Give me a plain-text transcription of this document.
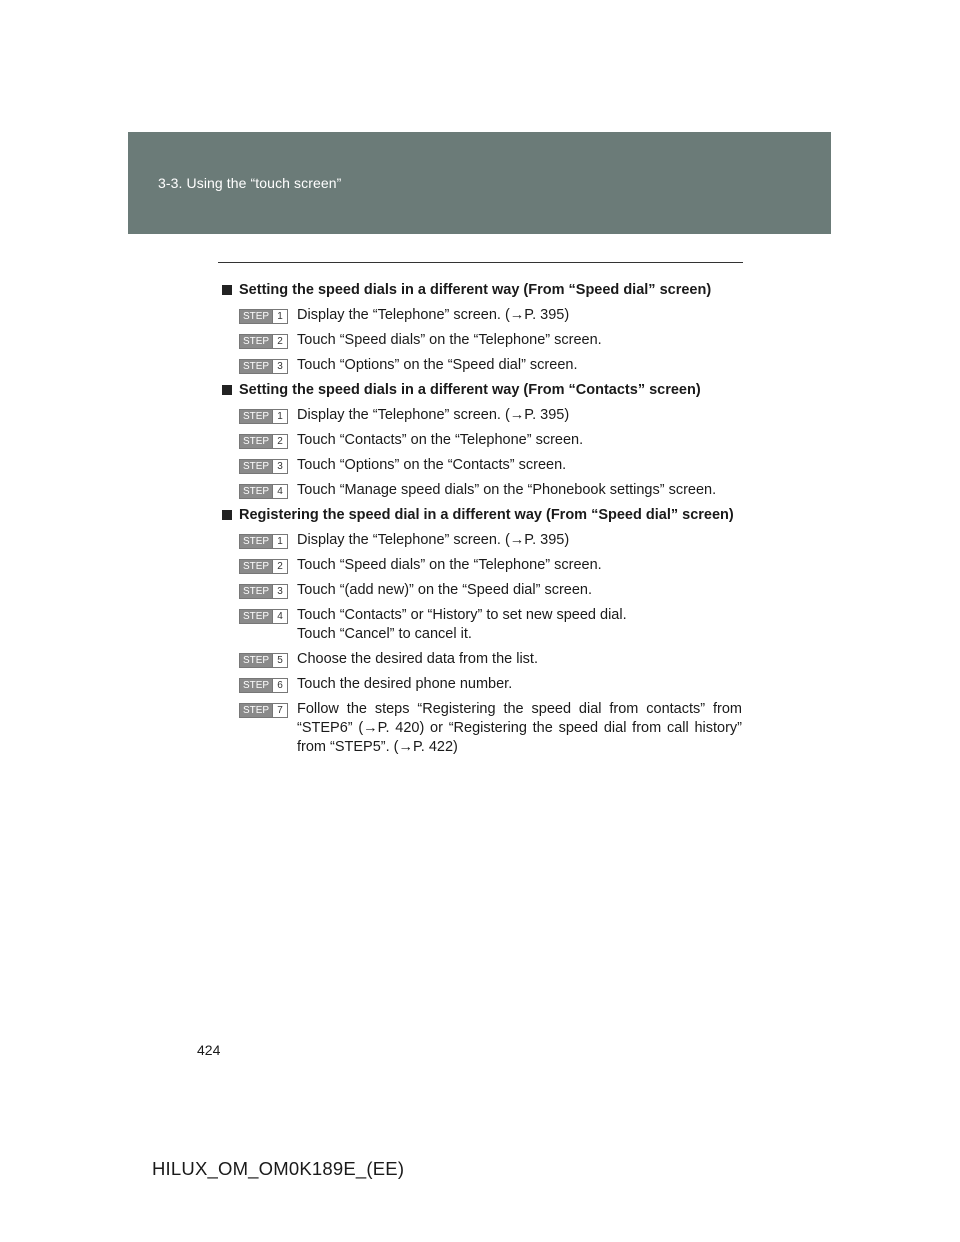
3-3. Using the “touch screen”
Setting the speed dials in a different way (From “Speed dial” screen)
STEP 1 Display the “Telephone” screen. (→P. 395)
STEP 2 Touch “Speed dials” on the “Telephone” screen.
STEP 3 Touch “Options” on the “Speed dial” screen.
Setting the speed dials in a different way (From “Contacts” screen)
STEP 1 Display the “Telephone” screen. (→P. 395)
STEP 2 Touch “Contacts” on the “Telephone” screen.
STEP 3 Touch “Options” on the “Contacts” screen.
STEP 4 Touch “Manage speed dials” on the “Phonebook settings” screen.
Registering the speed dial in a different way (From “Speed dial” screen)
STEP 1 Display the “Telephone” screen. (→P. 395)
STEP 2 Touch “Speed dials” on the “Telephone” screen.
STEP 3 Touch “(add new)” on the “Speed dial” screen.
STEP 4 Touch “Contacts” or “History” to set new speed dial.
Touch “Cancel” to cancel it.
STEP 5 Choose the desired data from the list.
STEP 6 Touch the desired phone number.
STEP 7 Follow the steps “Registering the speed dial from contacts” from “STEP6” (→P. 420) or “Registering the speed dial from call history” from “STEP5”. (→P. 422)
424
HILUX_OM_OM0K189E_(EE)
